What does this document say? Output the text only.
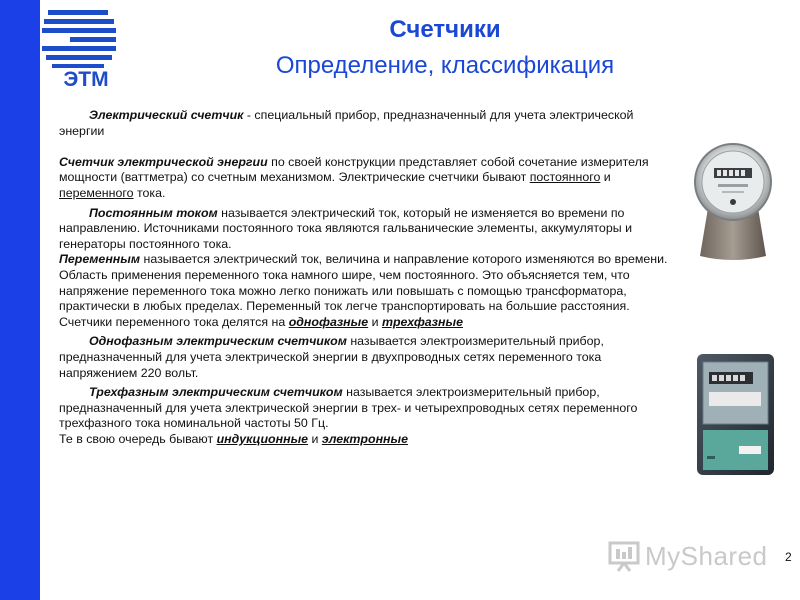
ЭТМ
Счетчики
Определение, классификация

Электрический счетчик - специальный прибор, предназначенный для учета электрической энергии

Счетчик электрической энергии по своей конструкции представляет собой сочетание измерителя мощности (ваттметра) со счетным механизмом. Электрические счетчики бывают постоянного и переменного тока.

Постоянным током называется электрический ток, который не изменяется во времени по направлению. Источниками постоянного тока являются гальванические элементы, аккумуляторы и генераторы постоянного тока.

Переменным называется электрический ток, величина и направление которого изменяются во времени. Область применения переменного тока намного шире, чем постоянного. Это объясняется тем, что напряжение переменного тока можно легко понижать или повышать с помощью трансформатора, практически в любых пределах. Переменный ток легче транспортировать на большие расстояния.

Счетчики переменного тока делятся на однофазные и трехфазные

Однофазным электрическим счетчиком называется электроизмерительный прибор, предназначенный для учета электрической энергии в двухпроводных сетях переменного тока напряжением 220 вольт.

Трехфазным электрическим счетчиком называется электроизмерительный прибор, предназначенный для учета электрической энергии в трех- и четырехпроводных сетях переменного трехфазного тока номинальной частоты 50 Гц.

Те в свою очередь бывают индукционные и электронные

MyShared 2
